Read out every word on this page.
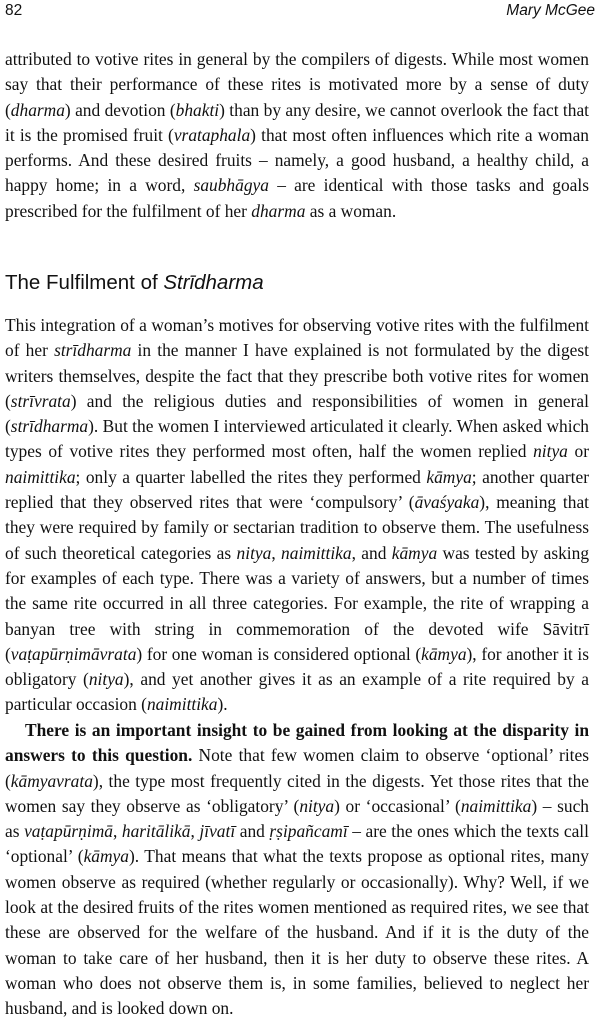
82	Mary McGee

attributed to votive rites in general by the compilers of digests. While most women say that their performance of these rites is motivated more by a sense of duty (dharma) and devotion (bhakti) than by any desire, we cannot overlook the fact that it is the promised fruit (vrataphala) that most often influences which rite a woman performs. And these desired fruits – namely, a good husband, a healthy child, a happy home; in a word, saubhāgya – are identical with those tasks and goals prescribed for the fulfilment of her dharma as a woman.

The Fulfilment of Strīdharma

This integration of a woman’s motives for observing votive rites with the fulfilment of her strīdharma in the manner I have explained is not formulated by the digest writers themselves, despite the fact that they prescribe both votive rites for women (strīvrata) and the religious duties and responsibilities of women in general (strīdharma). But the women I interviewed articulated it clearly. When asked which types of votive rites they performed most often, half the women replied nitya or naimittika; only a quarter labelled the rites they performed kāmya; another quarter replied that they observed rites that were ‘compulsory’ (āvaśyaka), meaning that they were required by family or sectarian tradition to observe them. The usefulness of such theoretical categories as nitya, naimittika, and kāmya was tested by asking for examples of each type. There was a variety of answers, but a number of times the same rite occurred in all three categories. For example, the rite of wrapping a banyan tree with string in commemoration of the devoted wife Sāvitrī (vaṭapūrṇimāvrata) for one woman is considered optional (kāmya), for another it is obligatory (nitya), and yet another gives it as an example of a rite required by a particular occasion (naimittika).

There is an important insight to be gained from looking at the disparity in answers to this question. Note that few women claim to observe ‘optional’ rites (kāmyavrata), the type most frequently cited in the digests. Yet those rites that the women say they observe as ‘obligatory’ (nitya) or ‘occasional’ (naimittika) – such as vaṭapūrṇimā, haritālikā, jīvatī and ṛṣipañcamī – are the ones which the texts call ‘optional’ (kāmya). That means that what the texts propose as optional rites, many women observe as required (whether regularly or occasionally). Why? Well, if we look at the desired fruits of the rites women mentioned as required rites, we see that these are observed for the welfare of the husband. And if it is the duty of the woman to take care of her husband, then it is her duty to observe these rites. A woman who does not observe them is, in some families, believed to neglect her husband, and is looked down on.
